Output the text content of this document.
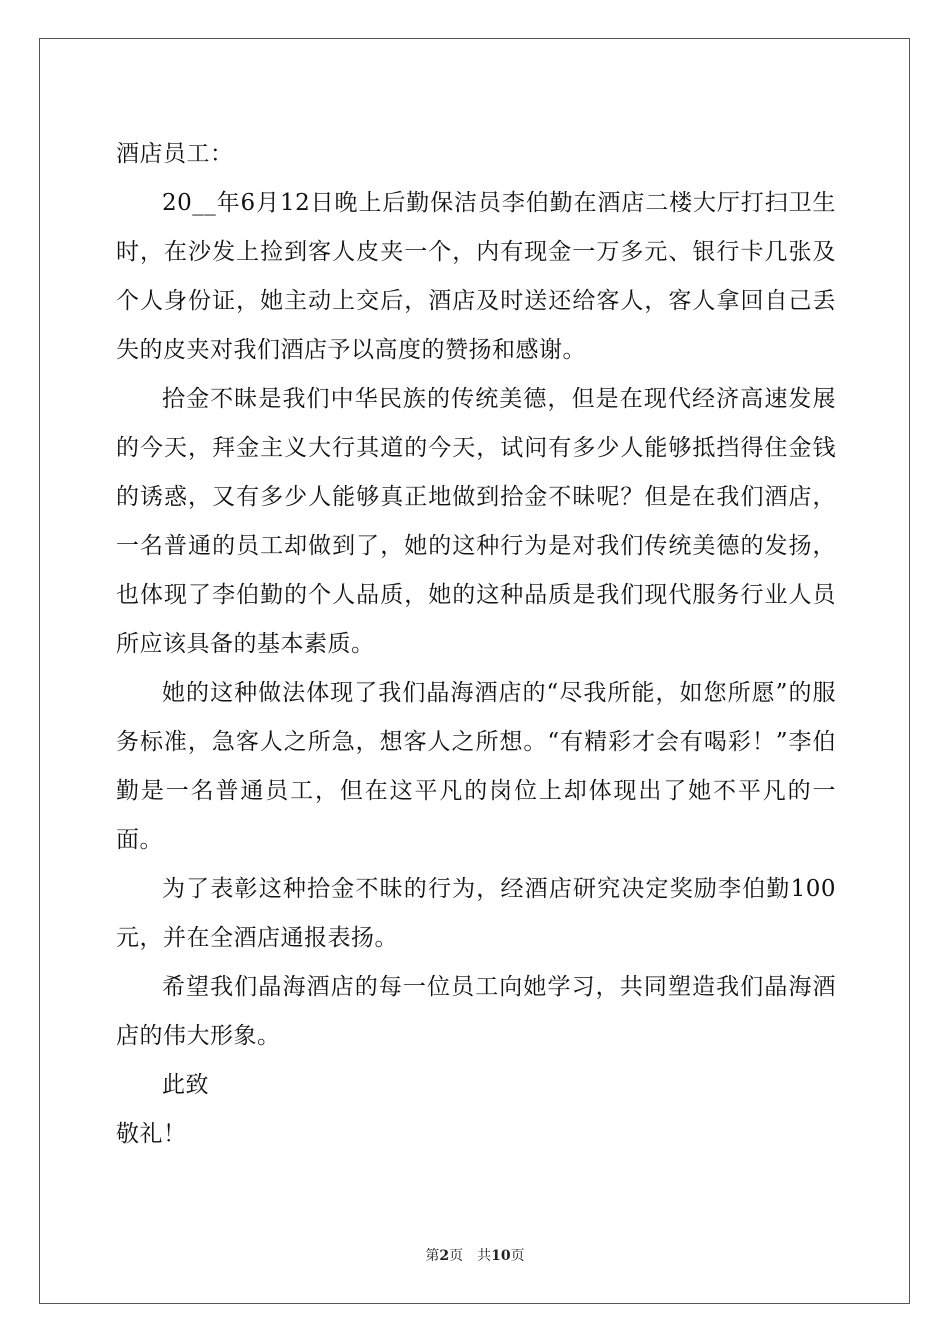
酒店员工：

20__年6月12日晚上后勤保洁员李伯勤在酒店二楼大厅打扫卫生时，在沙发上捡到客人皮夹一个，内有现金一万多元、银行卡几张及个人身份证，她主动上交后，酒店及时送还给客人，客人拿回自己丢失的皮夹对我们酒店予以高度的赞扬和感谢。

拾金不昧是我们中华民族的传统美德，但是在现代经济高速发展的今天，拜金主义大行其道的今天，试问有多少人能够抵挡得住金钱的诱惑，又有多少人能够真正地做到拾金不昧呢？但是在我们酒店，一名普通的员工却做到了，她的这种行为是对我们传统美德的发扬，也体现了李伯勤的个人品质，她的这种品质是我们现代服务行业人员所应该具备的基本素质。

她的这种做法体现了我们晶海酒店的“尽我所能，如您所愿”的服务标准，急客人之所急，想客人之所想。“有精彩才会有喝彩！”李伯勤是一名普通员工，但在这平凡的岗位上却体现出了她不平凡的一面。

为了表彰这种拾金不昧的行为，经酒店研究决定奖励李伯勤100元，并在全酒店通报表扬。

希望我们晶海酒店的每一位员工向她学习，共同塑造我们晶海酒店的伟大形象。

此致

敬礼！

第2页 共10页
